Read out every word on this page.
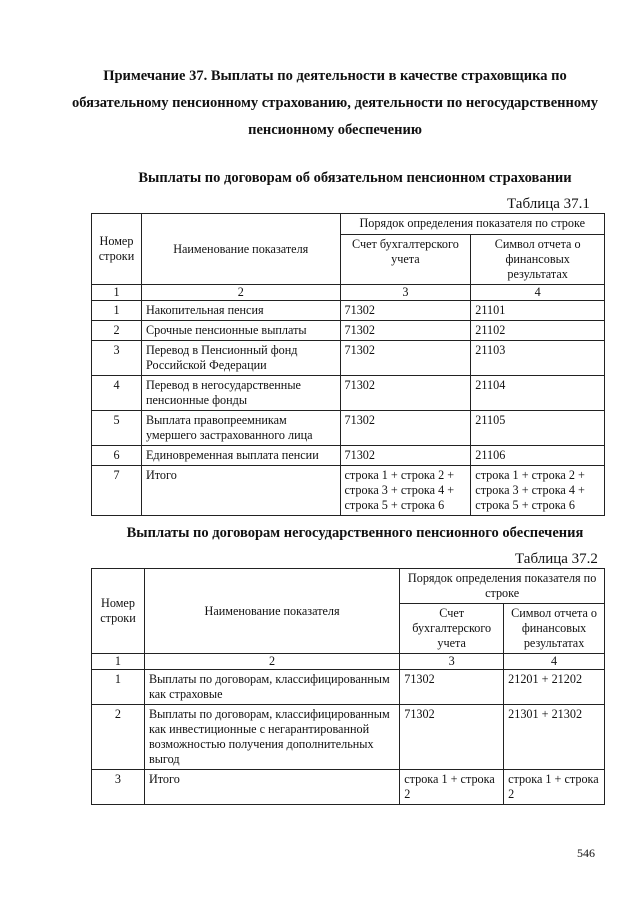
Примечание 37. Выплаты по деятельности в качестве страховщика по обязательному пенсионному страхованию, деятельности по негосударственному пенсионному обеспечению
Выплаты по договорам об обязательном пенсионном страховании
Таблица 37.1
Номер строки	Наименование показателя	Порядок определения показателя по строке	
		Счет бухгалтерского учета	Символ отчета о финансовых результатах
1	2	3	4
1	Накопительная пенсия	71302	21101
2	Срочные пенсионные выплаты	71302	21102
3	Перевод в Пенсионный фонд Российской Федерации	71302	21103
4	Перевод в негосударственные пенсионные фонды	71302	21104
5	Выплата правопреемникам умершего застрахованного лица	71302	21105
6	Единовременная выплата пенсии	71302	21106
7	Итого	строка 1 + строка 2 + строка 3 + строка 4 + строка 5 + строка 6	строка 1 + строка 2 + строка 3 + строка 4 + строка 5 + строка 6
Выплаты по договорам негосударственного пенсионного обеспечения
Таблица 37.2
Номер строки	Наименование показателя	Порядок определения показателя по строке	
		Счет бухгалтерского учета	Символ отчета о финансовых результатах
1	2	3	4
1	Выплаты по договорам, классифицированным как страховые	71302	21201 + 21202
2	Выплаты по договорам, классифицированным как инвестиционные с негарантированной возможностью получения дополнительных выгод	71302	21301 + 21302
3	Итого	строка 1 + строка 2	строка 1 + строка 2
546
